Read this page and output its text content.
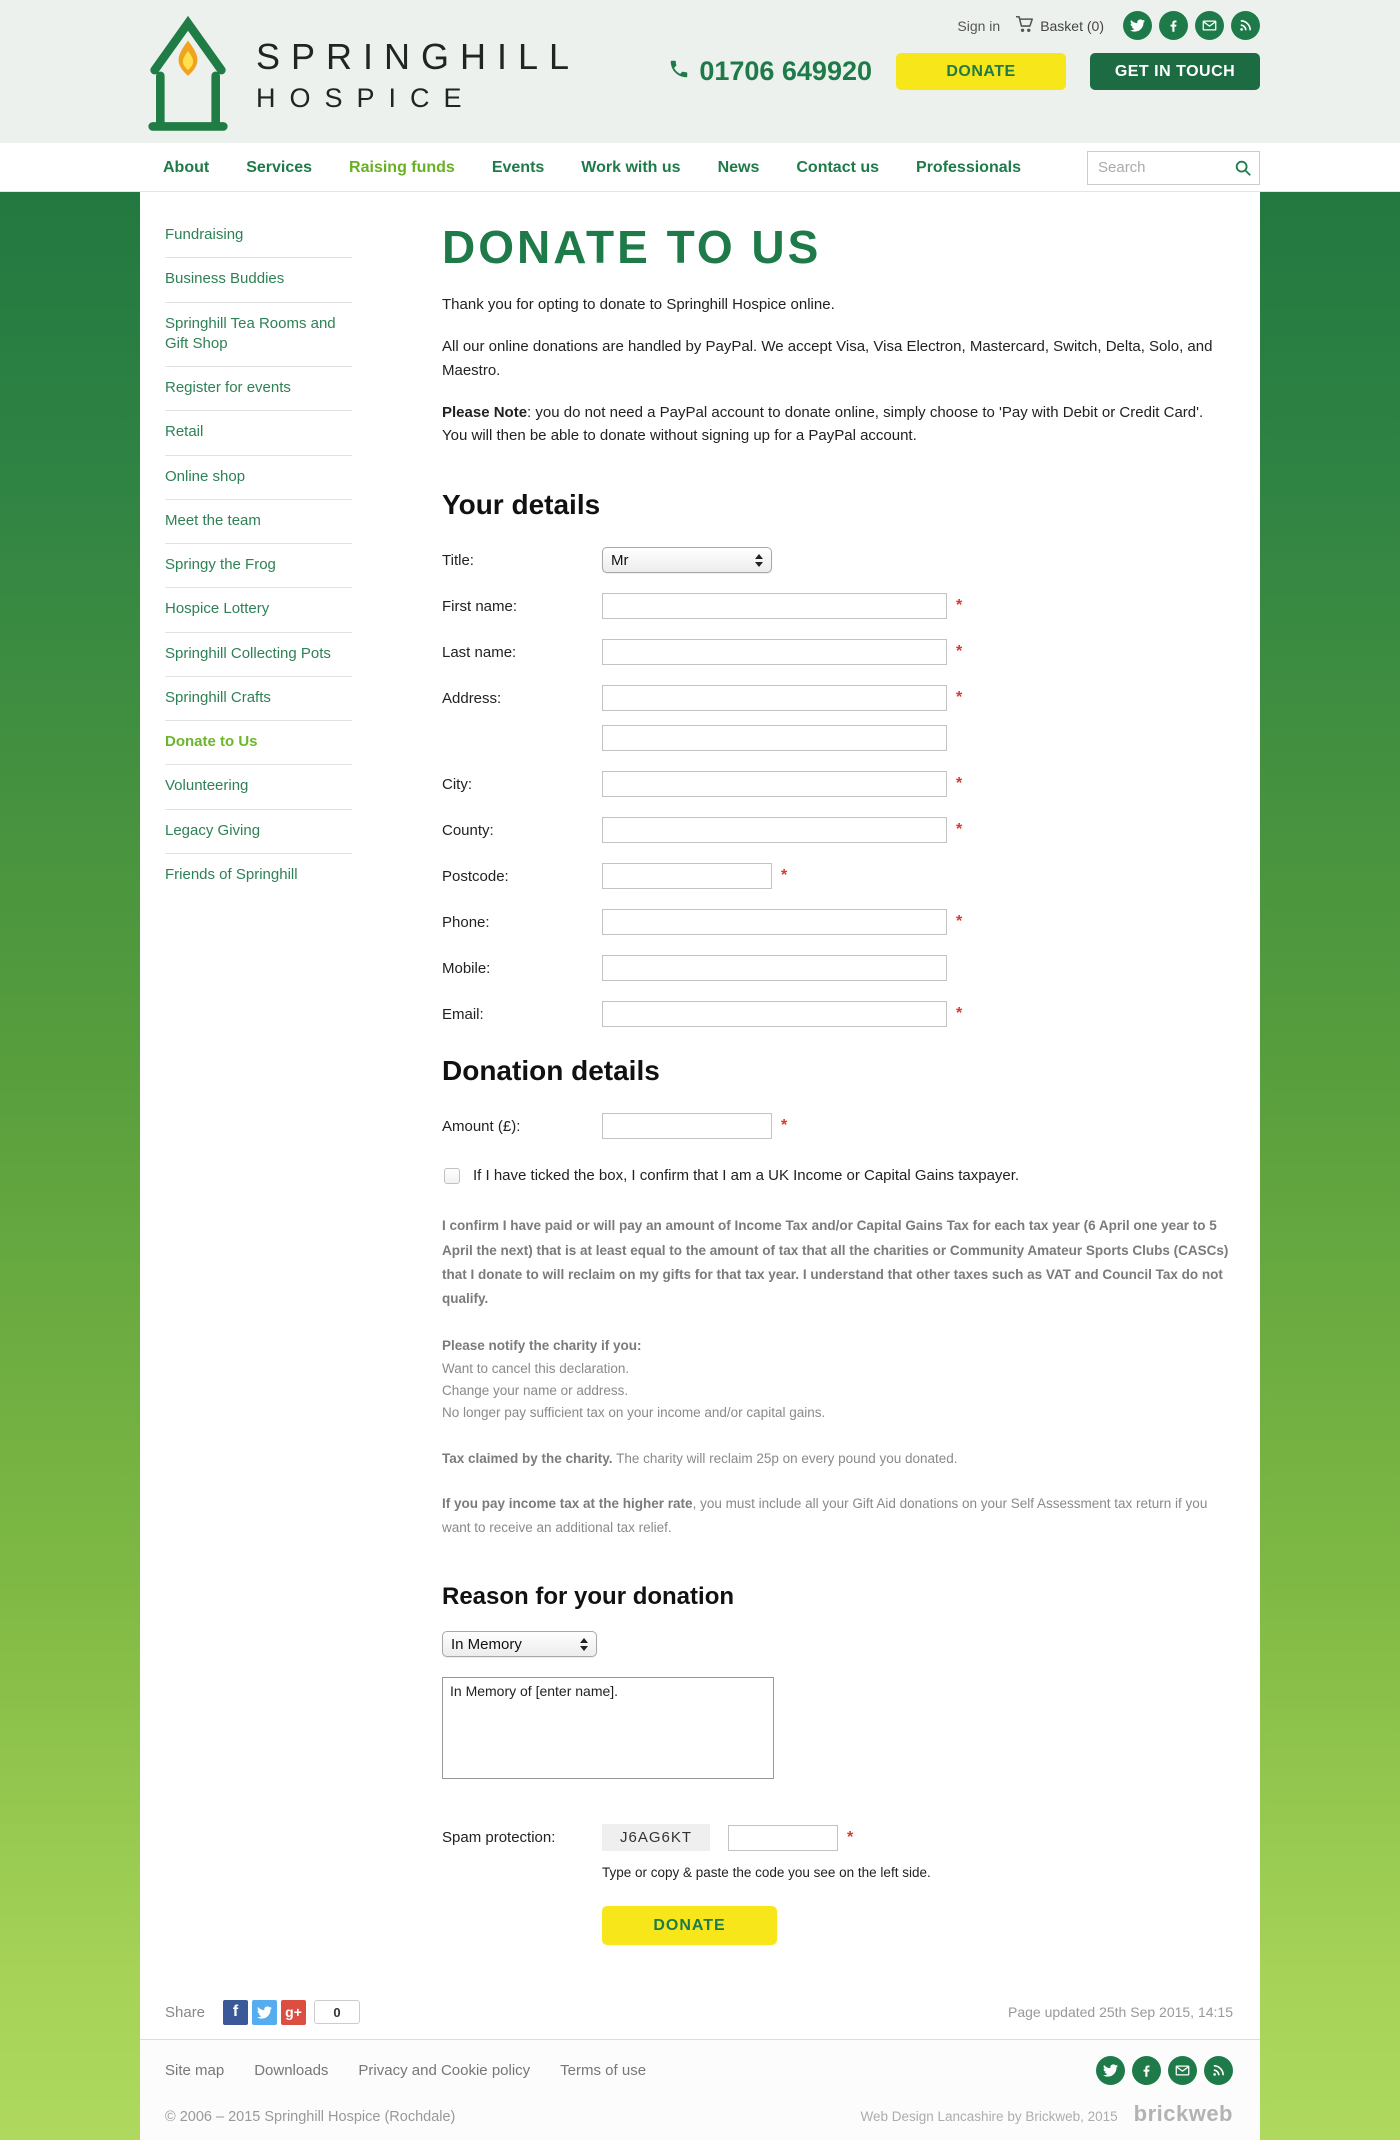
SPRINGHILL
HOSPICE
Sign in	Basket (0)
01706 649920	DONATE	GET IN TOUCH
About Services Raising funds Events Work with us News Contact us Professionals
Search
Fundraising
Business Buddies
Springhill Tea Rooms and Gift Shop
Register for events
Retail
Online shop
Meet the team
Springy the Frog
Hospice Lottery
Springhill Collecting Pots
Springhill Crafts
Donate to Us
Volunteering
Legacy Giving
Friends of Springhill
DONATE TO US

Thank you for opting to donate to Springhill Hospice online.

All our online donations are handled by PayPal. We accept Visa, Visa Electron, Mastercard, Switch, Delta, Solo, and Maestro.

Please Note: you do not need a PayPal account to donate online, simply choose to 'Pay with Debit or Credit Card'. You will then be able to donate without signing up for a PayPal account.

Your details
Title:	Mr
First name:	*
Last name:	*
Address:	*
City:	*
County:	*
Postcode:	*
Phone:	*
Mobile:
Email:	*
Donation details
Amount (£):	*
If I have ticked the box, I confirm that I am a UK Income or Capital Gains taxpayer.

I confirm I have paid or will pay an amount of Income Tax and/or Capital Gains Tax for each tax year (6 April one year to 5 April the next) that is at least equal to the amount of tax that all the charities or Community Amateur Sports Clubs (CASCs) that I donate to will reclaim on my gifts for that tax year. I understand that other taxes such as VAT and Council Tax do not qualify.

Please notify the charity if you:
Want to cancel this declaration.
Change your name or address.
No longer pay sufficient tax on your income and/or capital gains.

Tax claimed by the charity. The charity will reclaim 25p on every pound you donated.

If you pay income tax at the higher rate, you must include all your Gift Aid donations on your Self Assessment tax return if you want to receive an additional tax relief.

Reason for your donation
In Memory
In Memory of [enter name].
Spam protection:	J6AG6KT	*
Type or copy & paste the code you see on the left side.
DONATE
Share	f	g+	0	Page updated 25th Sep 2015, 14:15
Site map Downloads Privacy and Cookie policy Terms of use
© 2006 – 2015 Springhill Hospice (Rochdale)	Web Design Lancashire by Brickweb, 2015 brickweb
